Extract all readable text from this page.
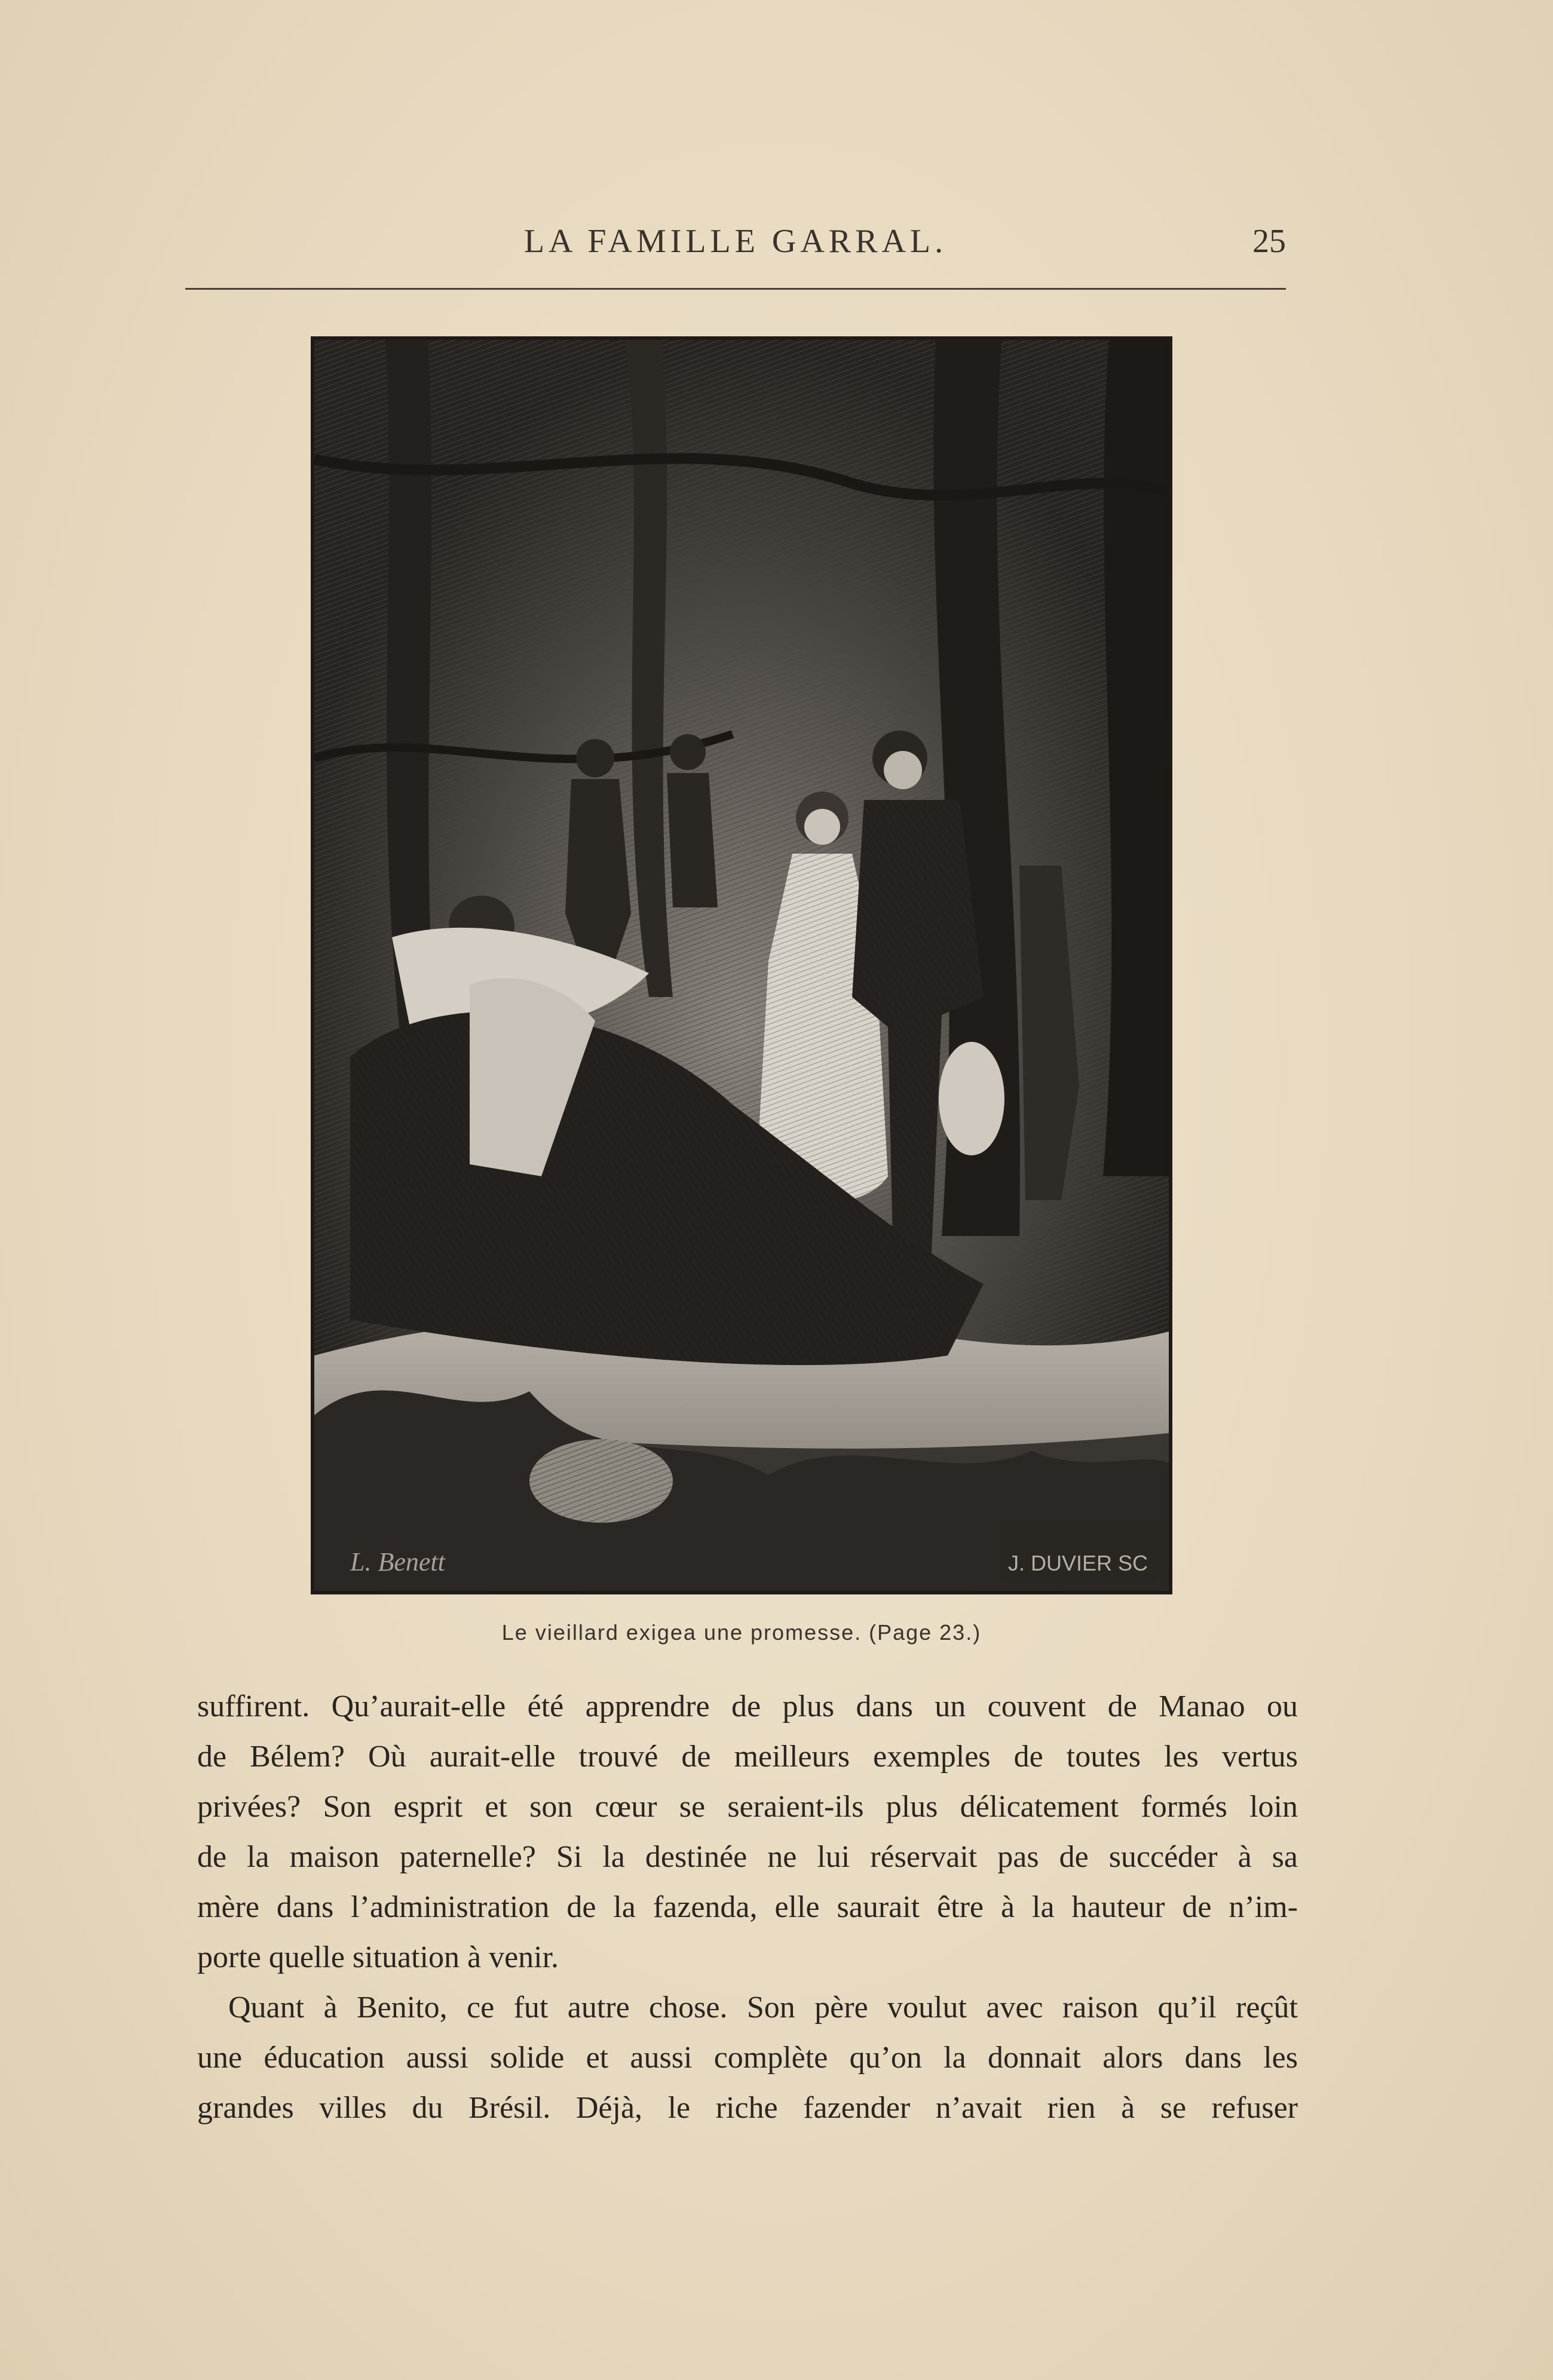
LA FAMILLE GARRAL.	25
L. Benett	J. DUVIER SC
Le vieillard exigea une promesse. (Page 23.)
suffirent. Qu’aurait-elle été apprendre de plus dans un couvent de Manao ou
de Bélem? Où aurait-elle trouvé de meilleurs exemples de toutes les vertus
privées? Son esprit et son cœur se seraient-ils plus délicatement formés loin
de la maison paternelle? Si la destinée ne lui réservait pas de succéder à sa
mère dans l’administration de la fazenda, elle saurait être à la hauteur de n’im-
porte quelle situation à venir.
Quant à Benito, ce fut autre chose. Son père voulut avec raison qu’il reçût
une éducation aussi solide et aussi complète qu’on la donnait alors dans les
grandes villes du Brésil. Déjà, le riche fazender n’avait rien à se refuser
